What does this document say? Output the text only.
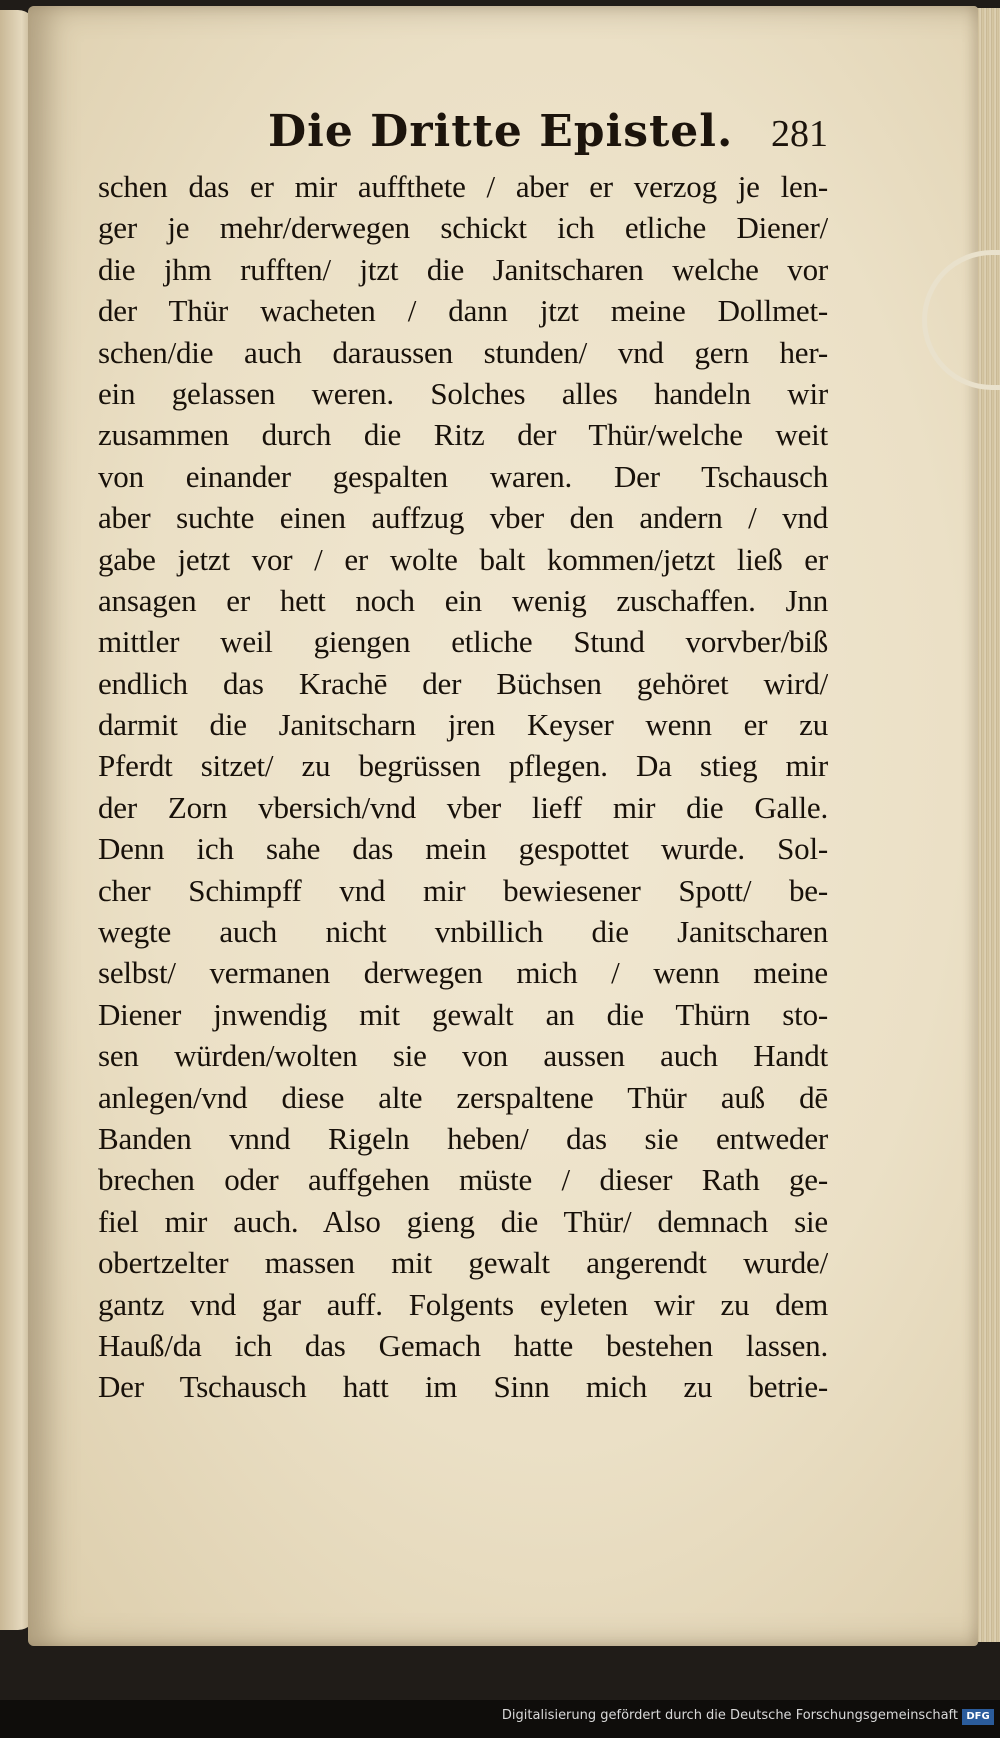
Die Dritte Epistel. 281
schen das er mir auffthete / aber er verzog je len-
ger je mehr/derwegen schickt ich etliche Diener/
die jhm rufften/ jtzt die Janitscharen welche vor
der Thür wacheten / dann jtzt meine Dollmet-
schen/die auch daraussen stunden/ vnd gern her-
ein gelassen weren. Solches alles handeln wir
zusammen durch die Ritz der Thür/welche weit
von einander gespalten waren. Der Tschausch
aber suchte einen auffzug vber den andern / vnd
gabe jetzt vor / er wolte balt kommen/jetzt ließ er
ansagen er hett noch ein wenig zuschaffen. Jnn
mittler weil giengen etliche Stund vorvber/biß
endlich das Krachē der Büchsen gehöret wird/
darmit die Janitscharn jren Keyser wenn er zu
Pferdt sitzet/ zu begrüssen pflegen. Da stieg mir
der Zorn vbersich/vnd vber lieff mir die Galle.
Denn ich sahe das mein gespottet wurde. Sol-
cher Schimpff vnd mir bewiesener Spott/ be-
wegte auch nicht vnbillich die Janitscharen
selbst/ vermanen derwegen mich / wenn meine
Diener jnwendig mit gewalt an die Thürn sto-
sen würden/wolten sie von aussen auch Handt
anlegen/vnd diese alte zerspaltene Thür auß dē
Banden vnnd Rigeln heben/ das sie entweder
brechen oder auffgehen müste / dieser Rath ge-
fiel mir auch. Also gieng die Thür/ demnach sie
obertzelter massen mit gewalt angerendt wurde/
gantz vnd gar auff. Folgents eyleten wir zu dem
Hauß/da ich das Gemach hatte bestehen lassen.
Der Tschausch hatt im Sinn mich zu betrie-
Digitalisierung gefördert durch die Deutsche Forschungsgemeinschaft DFG
